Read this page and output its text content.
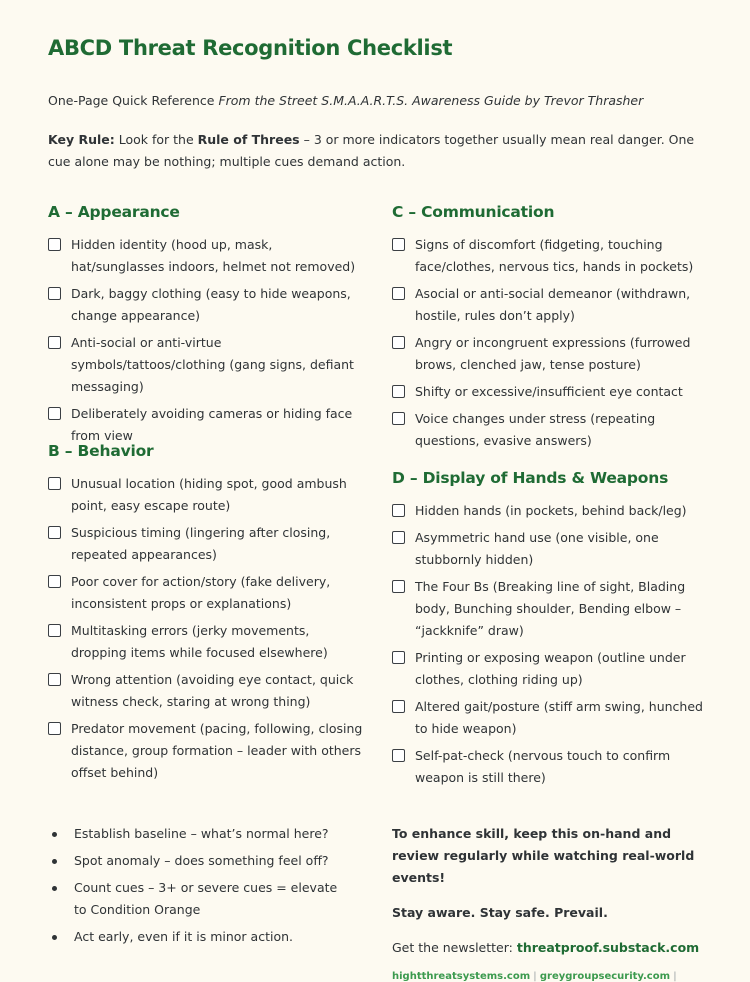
ABCD Threat Recognition Checklist
One-Page Quick Reference From the Street S.M.A.A.R.T.S. Awareness Guide by Trevor Thrasher
Key Rule: Look for the Rule of Threes – 3 or more indicators together usually mean real danger. One cue alone may be nothing; multiple cues demand action.
A – Appearance
Hidden identity (hood up, mask, hat/sunglasses indoors, helmet not removed)
Dark, baggy clothing (easy to hide weapons, change appearance)
Anti-social or anti-virtue symbols/tattoos/clothing (gang signs, defiant messaging)
Deliberately avoiding cameras or hiding face from view
B – Behavior
Unusual location (hiding spot, good ambush point, easy escape route)
Suspicious timing (lingering after closing, repeated appearances)
Poor cover for action/story (fake delivery, inconsistent props or explanations)
Multitasking errors (jerky movements, dropping items while focused elsewhere)
Wrong attention (avoiding eye contact, quick witness check, staring at wrong thing)
Predator movement (pacing, following, closing distance, group formation – leader with others offset behind)
C – Communication
Signs of discomfort (fidgeting, touching face/clothes, nervous tics, hands in pockets)
Asocial or anti-social demeanor (withdrawn, hostile, rules don’t apply)
Angry or incongruent expressions (furrowed brows, clenched jaw, tense posture)
Shifty or excessive/insufficient eye contact
Voice changes under stress (repeating questions, evasive answers)
D – Display of Hands & Weapons
Hidden hands (in pockets, behind back/leg)
Asymmetric hand use (one visible, one stubbornly hidden)
The Four Bs (Breaking line of sight, Blading body, Bunching shoulder, Bending elbow – “jackknife” draw)
Printing or exposing weapon (outline under clothes, clothing riding up)
Altered gait/posture (stiff arm swing, hunched to hide weapon)
Self-pat-check (nervous touch to confirm weapon is still there)
Establish baseline – what’s normal here?
Spot anomaly – does something feel off?
Count cues – 3+ or severe cues = elevate to Condition Orange
Act early, even if it is minor action.
To enhance skill, keep this on-hand and review regularly while watching real-world events!
Stay aware. Stay safe. Prevail.
Get the newsletter: threatproof.substack.com
hightthreatsystems.com | greygroupsecurity.com |
